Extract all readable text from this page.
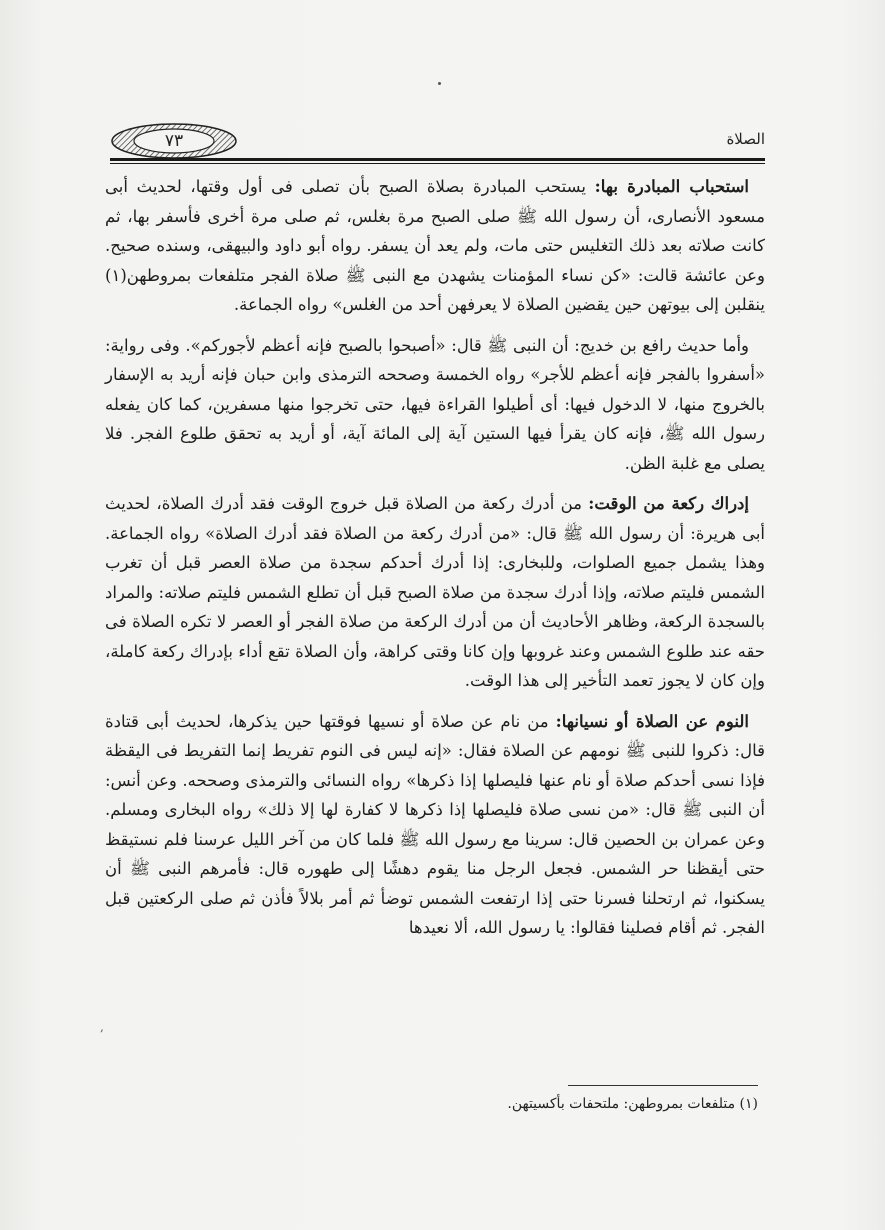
الصلاة
٧٣

استحباب المبادرة بها: يستحب المبادرة بصلاة الصبح بأن تصلى فى أول وقتها، لحديث أبى مسعود الأنصارى، أن رسول الله ﷺ صلى الصبح مرة بغلس، ثم صلى مرة أخرى فأسفر بها، ثم كانت صلاته بعد ذلك التغليس حتى مات، ولم يعد أن يسفر. رواه أبو داود والبيهقى، وسنده صحيح. وعن عائشة قالت: «كن نساء المؤمنات يشهدن مع النبى ﷺ صلاة الفجر متلفعات بمروطهن(١) ينقلبن إلى بيوتهن حين يقضين الصلاة لا يعرفهن أحد من الغلس» رواه الجماعة.

وأما حديث رافع بن خديج: أن النبى ﷺ قال: «أصبحوا بالصبح فإنه أعظم لأجوركم». وفى رواية: «أسفروا بالفجر فإنه أعظم للأجر» رواه الخمسة وصححه الترمذى وابن حبان فإنه أريد به الإسفار بالخروج منها، لا الدخول فيها: أى أطيلوا القراءة فيها، حتى تخرجوا منها مسفرين، كما كان يفعله رسول الله ﷺ، فإنه كان يقرأ فيها الستين آية إلى المائة آية، أو أريد به تحقق طلوع الفجر. فلا يصلى مع غلبة الظن.

إدراك ركعة من الوقت: من أدرك ركعة من الصلاة قبل خروج الوقت فقد أدرك الصلاة، لحديث أبى هريرة: أن رسول الله ﷺ قال: «من أدرك ركعة من الصلاة فقد أدرك الصلاة» رواه الجماعة. وهذا يشمل جميع الصلوات، وللبخارى: إذا أدرك أحدكم سجدة من صلاة العصر قبل أن تغرب الشمس فليتم صلاته، وإذا أدرك سجدة من صلاة الصبح قبل أن تطلع الشمس فليتم صلاته: والمراد بالسجدة الركعة، وظاهر الأحاديث أن من أدرك الركعة من صلاة الفجر أو العصر لا تكره الصلاة فى حقه عند طلوع الشمس وعند غروبها وإن كانا وقتى كراهة، وأن الصلاة تقع أداء بإدراك ركعة كاملة، وإن كان لا يجوز تعمد التأخير إلى هذا الوقت.

النوم عن الصلاة أو نسيانها: من نام عن صلاة أو نسيها فوقتها حين يذكرها، لحديث أبى قتادة قال: ذكروا للنبى ﷺ نومهم عن الصلاة فقال: «إنه ليس فى النوم تفريط إنما التفريط فى اليقظة فإذا نسى أحدكم صلاة أو نام عنها فليصلها إذا ذكرها» رواه النسائى والترمذى وصححه. وعن أنس: أن النبى ﷺ قال: «من نسى صلاة فليصلها إذا ذكرها لا كفارة لها إلا ذلك» رواه البخارى ومسلم. وعن عمران بن الحصين قال: سرينا مع رسول الله ﷺ فلما كان من آخر الليل عرسنا فلم نستيقظ حتى أيقظنا حر الشمس. فجعل الرجل منا يقوم دهشًا إلى طهوره قال: فأمرهم النبى ﷺ أن يسكنوا، ثم ارتحلنا فسرنا حتى إذا ارتفعت الشمس توضأ ثم أمر بلالاً فأذن ثم صلى الركعتين قبل الفجر. ثم أقام فصلينا فقالوا: يا رسول الله، ألا نعيدها

,
(١) متلفعات بمروطهن: ملتحفات بأكسيتهن.
